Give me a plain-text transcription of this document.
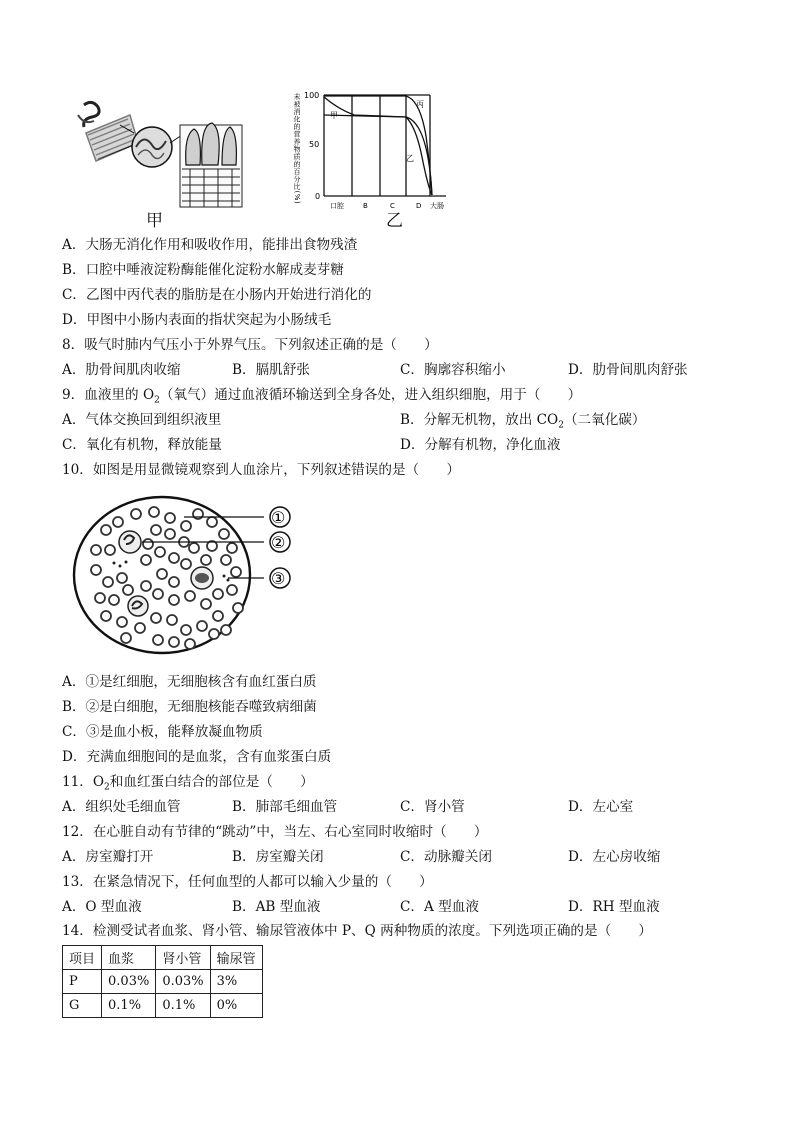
甲
未被消化的营养物质的百分比(%) 100
50
0
甲
乙
丙
口腔	B	C	D 大肠
乙
A．大肠无消化作用和吸收作用，能排出食物残渣
B．口腔中唾液淀粉酶能催化淀粉水解成麦芽糖
C．乙图中丙代表的脂肪是在小肠内开始进行消化的
D．甲图中小肠内表面的指状突起为小肠绒毛
8．吸气时肺内气压小于外界气压。下列叙述正确的是（　　）
A．肋骨间肌肉收缩	B．膈肌舒张	C．胸廓容积缩小	D．肋骨间肌肉舒张
9．血液里的 $O_2$（氧气）通过血液循环输送到全身各处，进入组织细胞，用于（　　）
A．气体交换回到组织液里	B．分解无机物，放出 $CO_2$（二氧化碳）
C．氧化有机物，释放能量	D．分解有机物，净化血液
10．如图是用显微镜观察到人血涂片，下列叙述错误的是（　　）
①
②
③
A．①是红细胞，无细胞核含有血红蛋白质
B．②是白细胞，无细胞核能吞噬致病细菌
C．③是血小板，能释放凝血物质
D．充满血细胞间的是血浆，含有血浆蛋白质
11．$O_2$和血红蛋白结合的部位是（　　）
A．组织处毛细血管	B．肺部毛细血管	C．肾小管	D．左心室
12．在心脏自动有节律的“跳动”中，当左、右心室同时收缩时（　　）
A．房室瓣打开	B．房室瓣关闭	C．动脉瓣关闭	D．左心房收缩
13．在紧急情况下，任何血型的人都可以输入少量的（　　）
A．O 型血液	B．AB 型血液	C．A 型血液	D．RH 型血液
14．检测受试者血浆、肾小管、输尿管液体中 P、Q 两种物质的浓度。下列选项正确的是（　　）
项目	血浆	肾小管	输尿管
P	0.03%	0.03%	3%
G	0.1%	0.1%	0%
